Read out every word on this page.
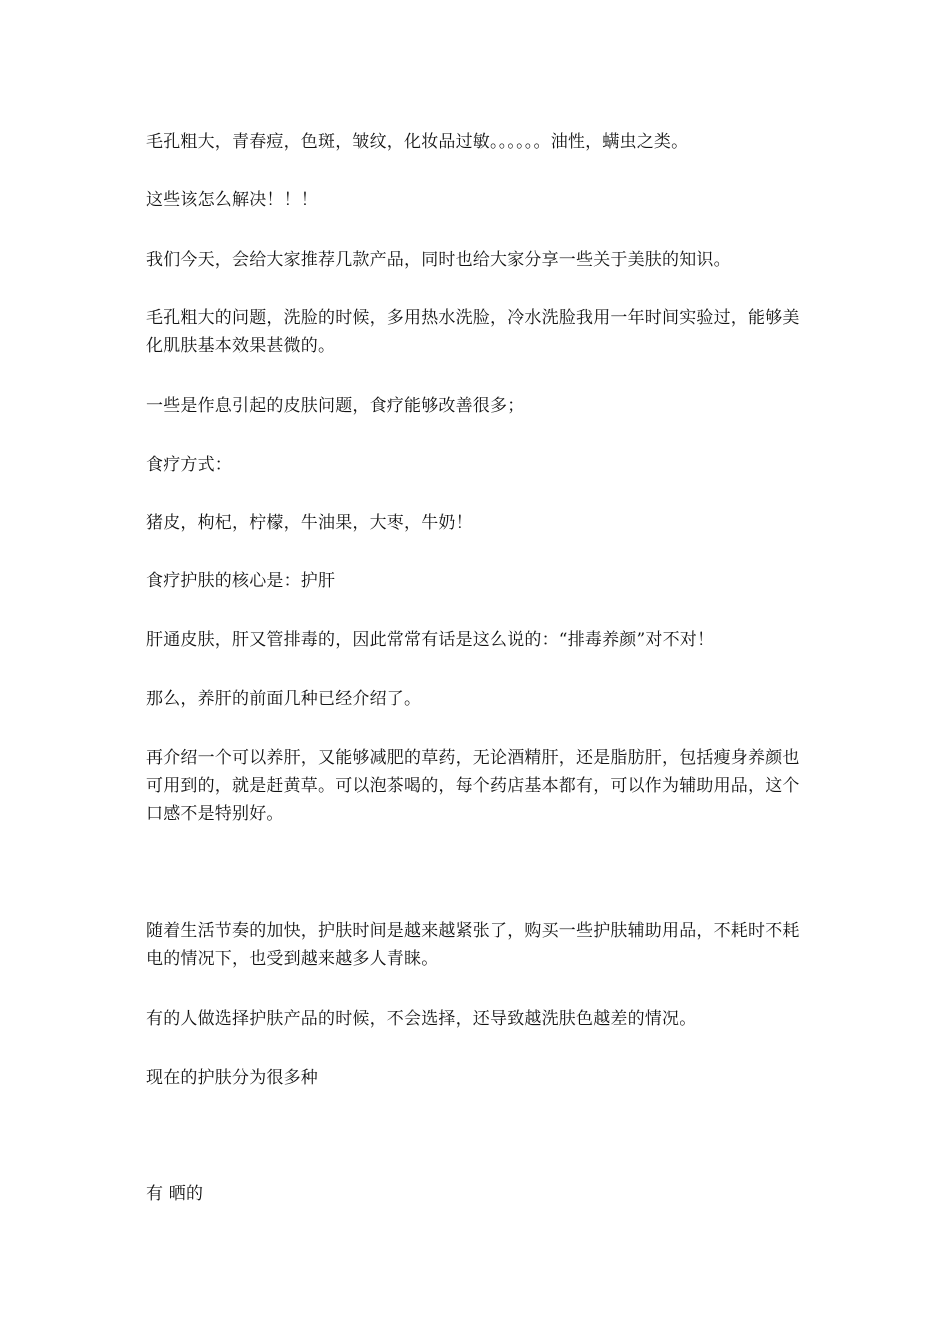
毛孔粗大，青春痘，色斑，皱纹，化妆品过敏。。。。。。油性，螨虫之类。

这些该怎么解决！！！

我们今天，会给大家推荐几款产品，同时也给大家分享一些关于美肤的知识。

毛孔粗大的问题，洗脸的时候，多用热水洗脸，冷水洗脸我用一年时间实验过，能够美化肌肤基本效果甚微的。

一些是作息引起的皮肤问题，食疗能够改善很多；

食疗方式：

猪皮，枸杞，柠檬，牛油果，大枣，牛奶！

食疗护肤的核心是：护肝

肝通皮肤，肝又管排毒的，因此常常有话是这么说的：“排毒养颜”对不对！

那么，养肝的前面几种已经介绍了。

再介绍一个可以养肝，又能够减肥的草药，无论酒精肝，还是脂肪肝，包括瘦身养颜也可用到的，就是赶黄草。可以泡茶喝的，每个药店基本都有，可以作为辅助用品，这个口感不是特别好。

随着生活节奏的加快，护肤时间是越来越紧张了，购买一些护肤辅助用品，不耗时不耗电的情况下，也受到越来越多人青睐。

有的人做选择护肤产品的时候，不会选择，还导致越洗肤色越差的情况。

现在的护肤分为很多种

有 晒的
